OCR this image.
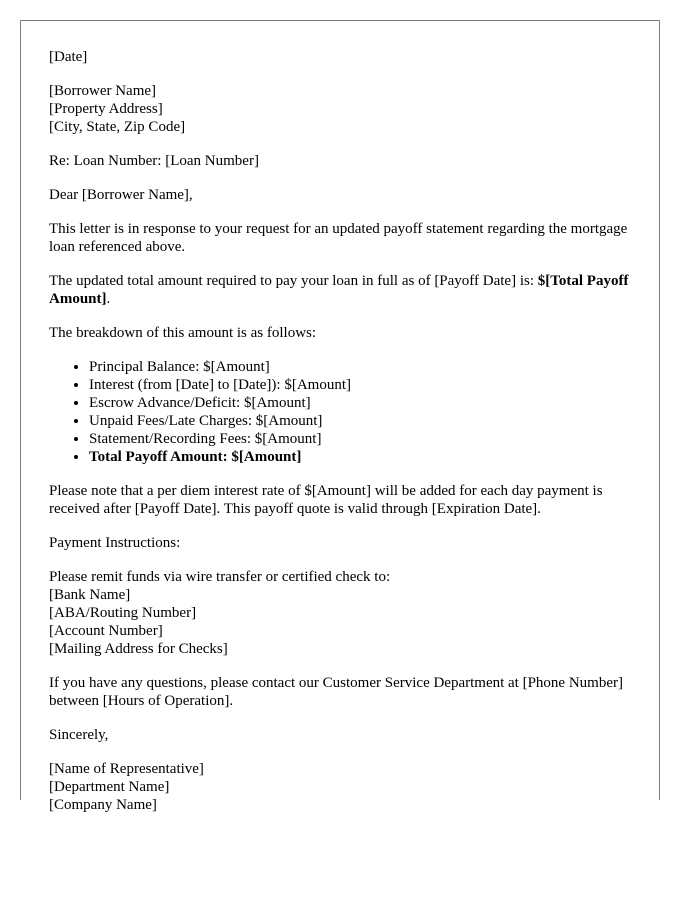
[Date]

[Borrower Name]
[Property Address]
[City, State, Zip Code]

Re: Loan Number: [Loan Number]

Dear [Borrower Name],

This letter is in response to your request for an updated payoff statement regarding the mortgage loan referenced above.

The updated total amount required to pay your loan in full as of [Payoff Date] is: $[Total Payoff Amount].

The breakdown of this amount is as follows:

• Principal Balance: $[Amount]
• Interest (from [Date] to [Date]): $[Amount]
• Escrow Advance/Deficit: $[Amount]
• Unpaid Fees/Late Charges: $[Amount]
• Statement/Recording Fees: $[Amount]
• Total Payoff Amount: $[Amount]

Please note that a per diem interest rate of $[Amount] will be added for each day payment is received after [Payoff Date]. This payoff quote is valid through [Expiration Date].

Payment Instructions:

Please remit funds via wire transfer or certified check to:
[Bank Name]
[ABA/Routing Number]
[Account Number]
[Mailing Address for Checks]

If you have any questions, please contact our Customer Service Department at [Phone Number] between [Hours of Operation].

Sincerely,

[Name of Representative]
[Department Name]
[Company Name]
